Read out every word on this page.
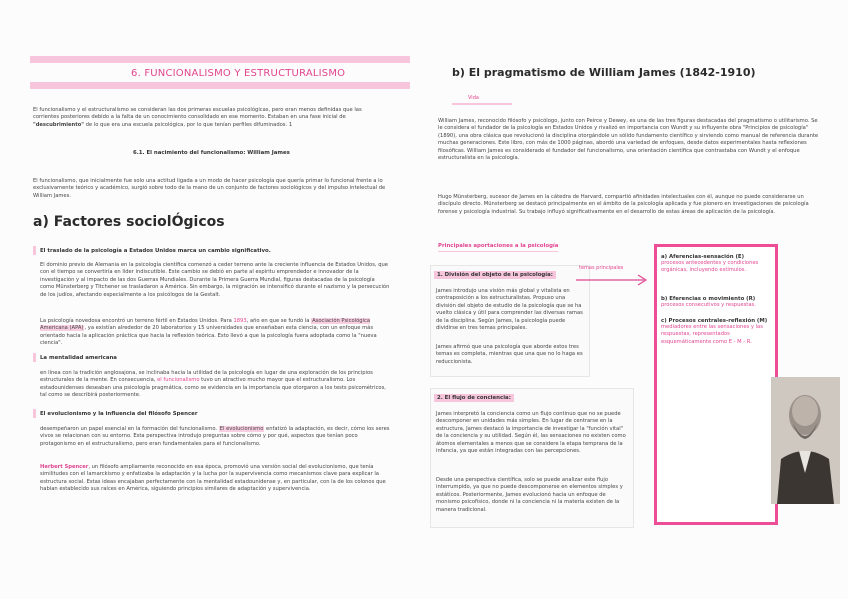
6. FUNCIONALISMO Y ESTRUCTURALISMO
El funcionalismo y el estructuralismo se consideran las dos primeras escuelas psicológicas, pero eran menos definidas que las corrientes posteriores debido a la falta de un conocimiento consolidado en ese momento. Estaban en una fase inicial de "descubrimiento" de lo que era una escuela psicológica, por lo que tenían perfiles difuminados. 1
6.1. El nacimiento del funcionalismo: William James
El funcionalismo, que inicialmente fue solo una actitud ligada a un modo de hacer psicología que quería primar lo funcional frente a lo exclusivamente teórico y académico, surgió sobre todo de la mano de un conjunto de factores sociológicos y del impulso intelectual de William James.
a) Factores sociolÓgicos
El traslado de la psicología a Estados Unidos marca un cambio significativo.
El dominio previo de Alemania en la psicología científica comenzó a ceder terreno ante la creciente influencia de Estados Unidos, que con el tiempo se convertiría en líder indiscutible. Este cambio se debió en parte al espíritu emprendedor e innovador de la investigación y al impacto de las dos Guerras Mundiales. Durante la Primera Guerra Mundial, figuras destacadas de la psicología como Münsterberg y Titchener se trasladaron a América. Sin embargo, la migración se intensificó durante el nazismo y la persecución de los judíos, afectando especialmente a los psicólogos de la Gestalt.
La psicología novedosa encontró un terreno fértil en Estados Unidos. Para 1893, año en que se fundó la Asociación Psicológica Americana (APA), ya existían alrededor de 20 laboratorios y 15 universidades que enseñaban esta ciencia, con un enfoque más orientado hacia la aplicación práctica que hacia la reflexión teórica. Esto llevó a que la psicología fuera adoptada como la "nueva ciencia".
La mentalidad americana
en línea con la tradición anglosajona, se inclinaba hacia la utilidad de la psicología en lugar de una exploración de los principios estructurales de la mente. En consecuencia, el funcionalismo tuvo un atractivo mucho mayor que el estructuralismo. Los estadounidenses deseaban una psicología pragmática, como se evidencia en la importancia que otorgaron a los tests psicométricos, tal como se describirá posteriormente.
El evolucionismo y la influencia del filósofo Spencer
desempeñaron un papel esencial en la formación del funcionalismo. El evolucionismo enfatizó la adaptación, es decir, cómo los seres vivos se relacionan con su entorno. Esta perspectiva introdujo preguntas sobre cómo y por qué, aspectos que tenían poco protagonismo en el estructuralismo, pero eran fundamentales para el funcionalismo.
Herbert Spencer, un filósofo ampliamente reconocido en esa época, promovió una versión social del evolucionismo, que tenía similitudes con el lamarckismo y enfatizaba la adaptación y la lucha por la supervivencia como mecanismos clave para explicar la estructura social. Estas ideas encajaban perfectamente con la mentalidad estadounidense y, en particular, con la de los colonos que habían establecido sus raíces en América, siguiendo principios similares de adaptación y supervivencia.
b) El pragmatismo de William James (1842-1910)
Vida
William James, reconocido filósofo y psicólogo, junto con Peirce y Dewey, es una de las tres figuras destacadas del pragmatismo o utilitarismo. Se le considera el fundador de la psicología en Estados Unidos y rivalizó en importancia con Wundt y su influyente obra "Principios de psicología" (1890), una obra clásica que revolucionó la disciplina otorgándole un sólido fundamento científico y sirviendo como manual de referencia durante muchas generaciones. Este libro, con más de 1000 páginas, abordó una variedad de enfoques, desde datos experimentales hasta reflexiones filosóficas. William James es considerado el fundador del funcionalismo, una orientación científica que contrastaba con Wundt y el enfoque estructuralista en la psicología.
Hugo Münsterberg, sucesor de James en la cátedra de Harvard, compartió afinidades intelectuales con él, aunque no puede considerarse un discípulo directo. Münsterberg se destacó principalmente en el ámbito de la psicología aplicada y fue pionero en investigaciones de psicología forense y psicología industrial. Su trabajo influyó significativamente en el desarrollo de estas áreas de aplicación de la psicología.
Principales aportaciones a la psicología
1. División del objeto de la psicología:
James introdujo una visión más global y vitalista en contraposición a los estructuralistas. Propuso una división del objeto de estudio de la psicología que se ha vuelto clásica y útil para comprender las diversas ramas de la disciplina. Según James, la psicología puede dividirse en tres temas principales.
James afirmó que una psicología que aborde estos tres temas es completa, mientras que una que no lo haga es reduccionista.
temas principales
a) Aferencias-sensación (E)
procesos antecedentes y condiciones orgánicas, incluyendo estímulos.
b) Eferencias o movimiento (R)
procesos consecutivos y respuestas.
c) Procesos centrales-reflexión (M)
mediadores entre las sensaciones y las respuestas, representados esquemáticamente como E - M - R.
2. El flujo de conciencia:
James interpretó la conciencia como un flujo continuo que no se puede descomponer en unidades más simples. En lugar de centrarse en la estructura, James destacó la importancia de investigar la "función vital" de la conciencia y su utilidad. Según él, las sensaciones no existen como átomos elementales a menos que se considere la etapa temprana de la infancia, ya que están integradas con las percepciones.
Desde una perspectiva científica, solo se puede analizar este flujo interrumpido, ya que no puede descomponerse en elementos simples y estáticos. Posteriormente, James evolucionó hacia un enfoque de monismo psicofísico, donde ni la conciencia ni la materia existen de la manera tradicional.
